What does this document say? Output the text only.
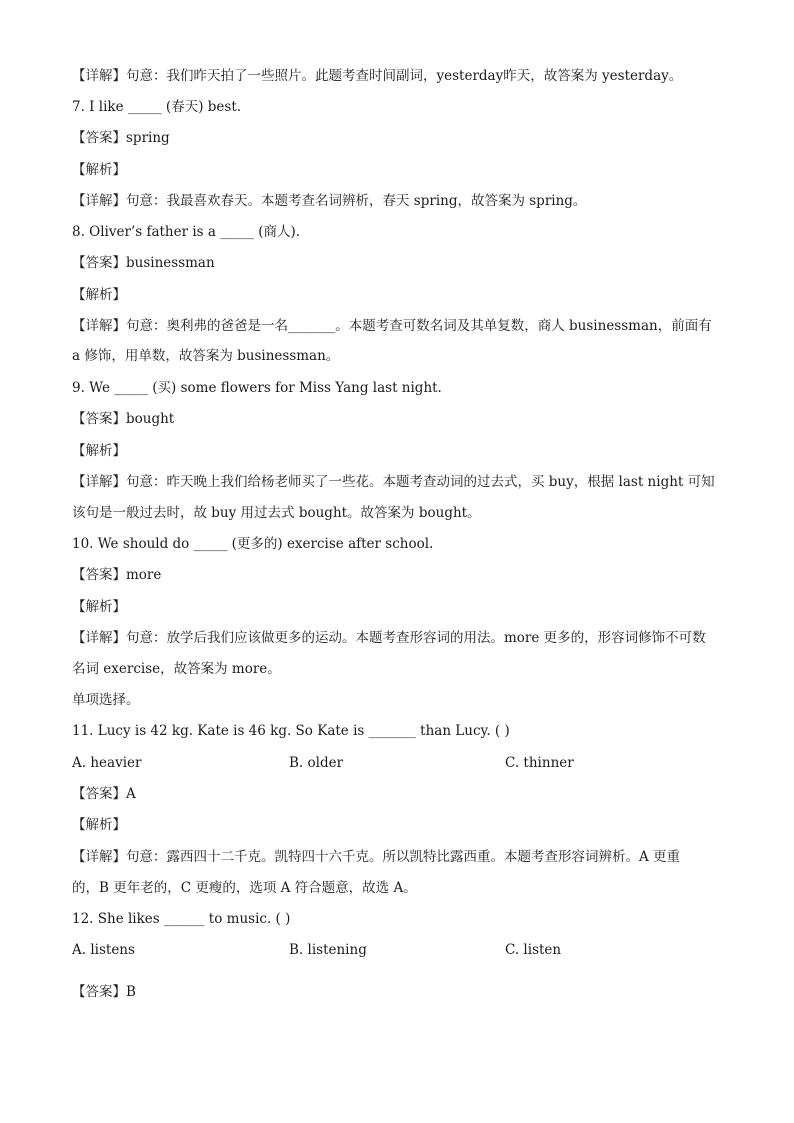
【详解】句意：我们昨天拍了一些照片。此题考查时间副词，yesterday昨天，故答案为 yesterday。
7. I like _____ (春天) best.
【答案】spring
【解析】
【详解】句意：我最喜欢春天。本题考查名词辨析，春天 spring，故答案为 spring。
8. Oliver’s father is a _____ (商人).
【答案】businessman
【解析】
【详解】句意：奥利弗的爸爸是一名_______。本题考查可数名词及其单复数，商人 businessman，前面有
a 修饰，用单数，故答案为 businessman。
9. We _____ (买) some flowers for Miss Yang last night.
【答案】bought
【解析】
【详解】句意：昨天晚上我们给杨老师买了一些花。本题考查动词的过去式，买 buy，根据 last night 可知
该句是一般过去时，故 buy 用过去式 bought。故答案为 bought。
10. We should do _____ (更多的) exercise after school.
【答案】more
【解析】
【详解】句意：放学后我们应该做更多的运动。本题考查形容词的用法。more 更多的，形容词修饰不可数
名词 exercise，故答案为 more。
单项选择。
11. Lucy is 42 kg. Kate is 46 kg. So Kate is _______ than Lucy. ( )
A. heavier	B. older	C. thinner
【答案】A
【解析】
【详解】句意：露西四十二千克。凯特四十六千克。所以凯特比露西重。本题考查形容词辨析。A 更重
的，B 更年老的，C 更瘦的，选项 A 符合题意，故选 A。
12. She likes ______ to music. ( )
A. listens	B. listening	C. listen
【答案】B
